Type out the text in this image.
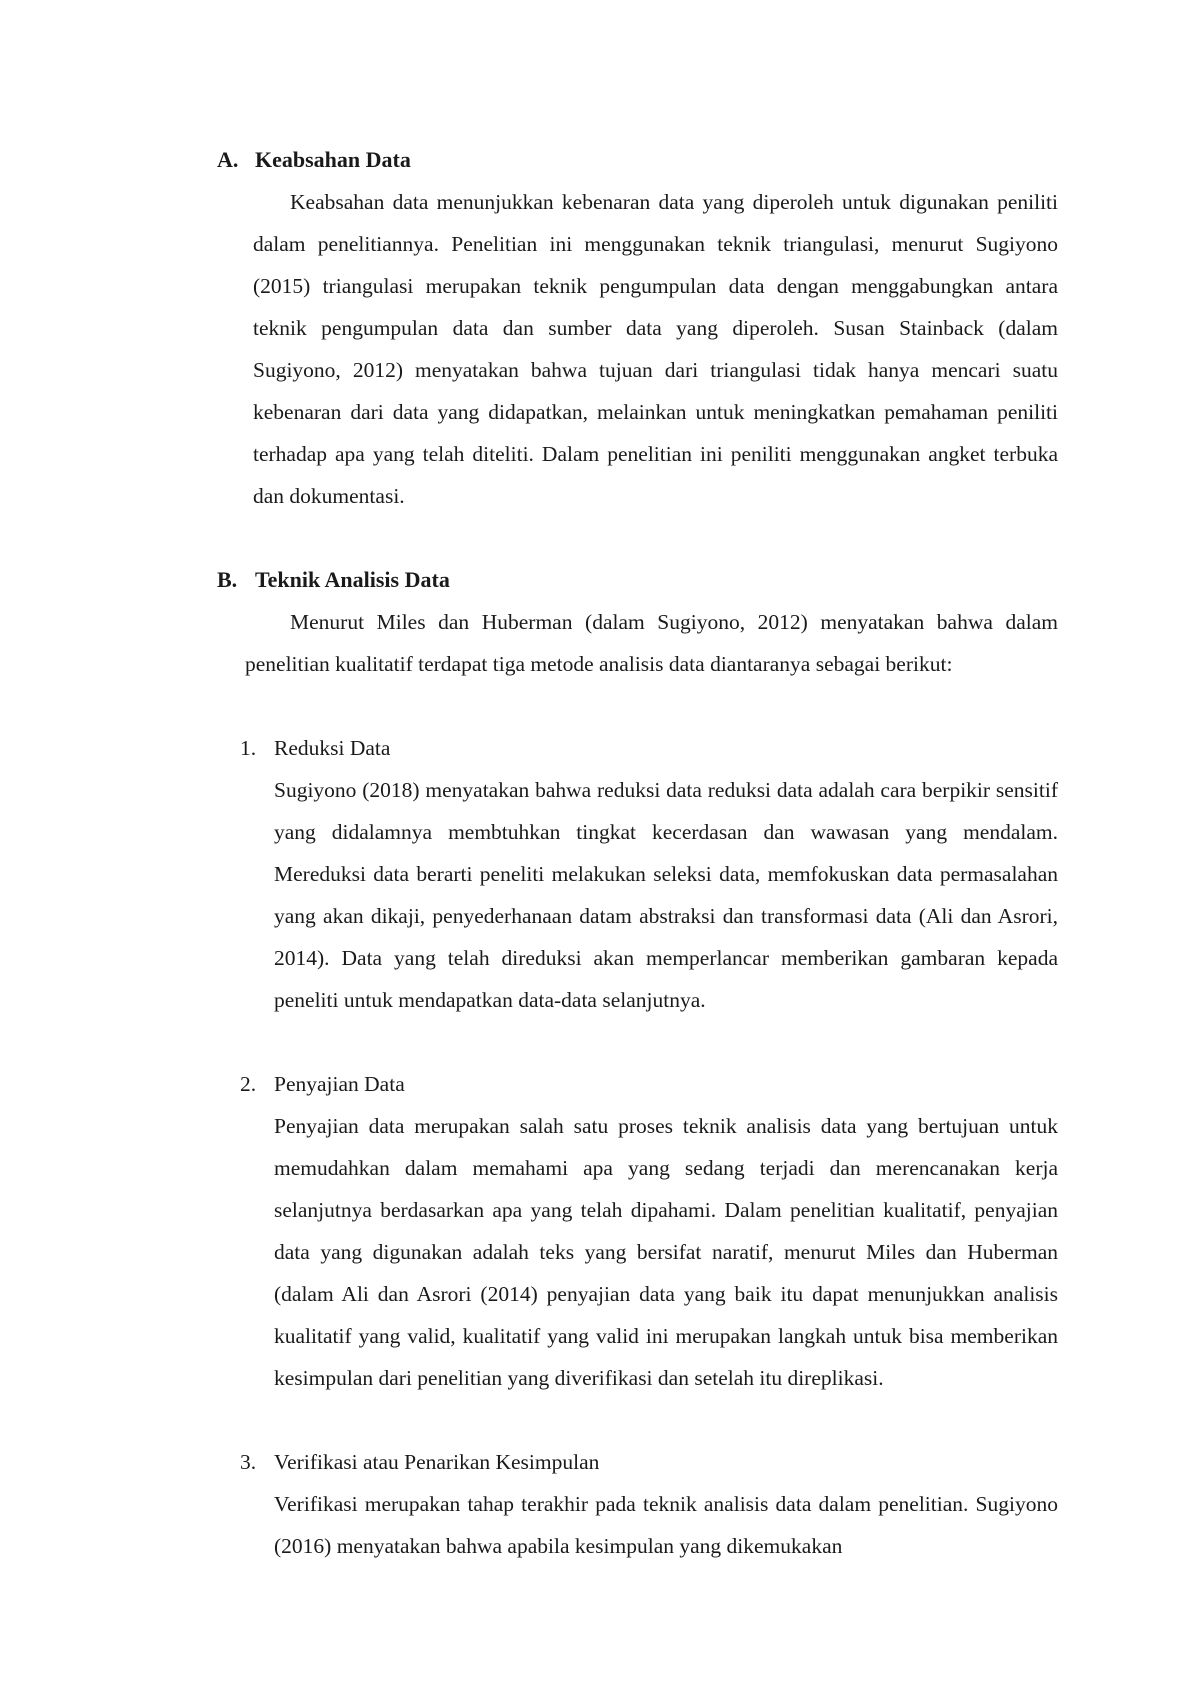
A. Keabsahan Data
Keabsahan data menunjukkan kebenaran data yang diperoleh untuk digunakan peniliti dalam penelitiannya. Penelitian ini menggunakan teknik triangulasi, menurut Sugiyono (2015) triangulasi merupakan teknik pengumpulan data dengan menggabungkan antara teknik pengumpulan data dan sumber data yang diperoleh. Susan Stainback (dalam Sugiyono, 2012) menyatakan bahwa tujuan dari triangulasi tidak hanya mencari suatu kebenaran dari data yang didapatkan, melainkan untuk meningkatkan pemahaman peniliti terhadap apa yang telah diteliti. Dalam penelitian ini peniliti menggunakan angket terbuka dan dokumentasi.
B. Teknik Analisis Data
Menurut Miles dan Huberman (dalam Sugiyono, 2012) menyatakan bahwa dalam penelitian kualitatif terdapat tiga metode analisis data diantaranya sebagai berikut:
1. Reduksi Data
Sugiyono (2018) menyatakan bahwa reduksi data reduksi data adalah cara berpikir sensitif yang didalamnya membtuhkan tingkat kecerdasan dan wawasan yang mendalam. Mereduksi data berarti peneliti melakukan seleksi data, memfokuskan data permasalahan yang akan dikaji, penyederhanaan datam abstraksi dan transformasi data (Ali dan Asrori, 2014). Data yang telah direduksi akan memperlancar memberikan gambaran kepada peneliti untuk mendapatkan data-data selanjutnya.
2. Penyajian Data
Penyajian data merupakan salah satu proses teknik analisis data yang bertujuan untuk memudahkan dalam memahami apa yang sedang terjadi dan merencanakan kerja selanjutnya berdasarkan apa yang telah dipahami. Dalam penelitian kualitatif, penyajian data yang digunakan adalah teks yang bersifat naratif, menurut Miles dan Huberman (dalam Ali dan Asrori (2014) penyajian data yang baik itu dapat menunjukkan analisis kualitatif yang valid, kualitatif yang valid ini merupakan langkah untuk bisa memberikan kesimpulan dari penelitian yang diverifikasi dan setelah itu direplikasi.
3. Verifikasi atau Penarikan Kesimpulan
Verifikasi merupakan tahap terakhir pada teknik analisis data dalam penelitian. Sugiyono (2016) menyatakan bahwa apabila kesimpulan yang dikemukakan
